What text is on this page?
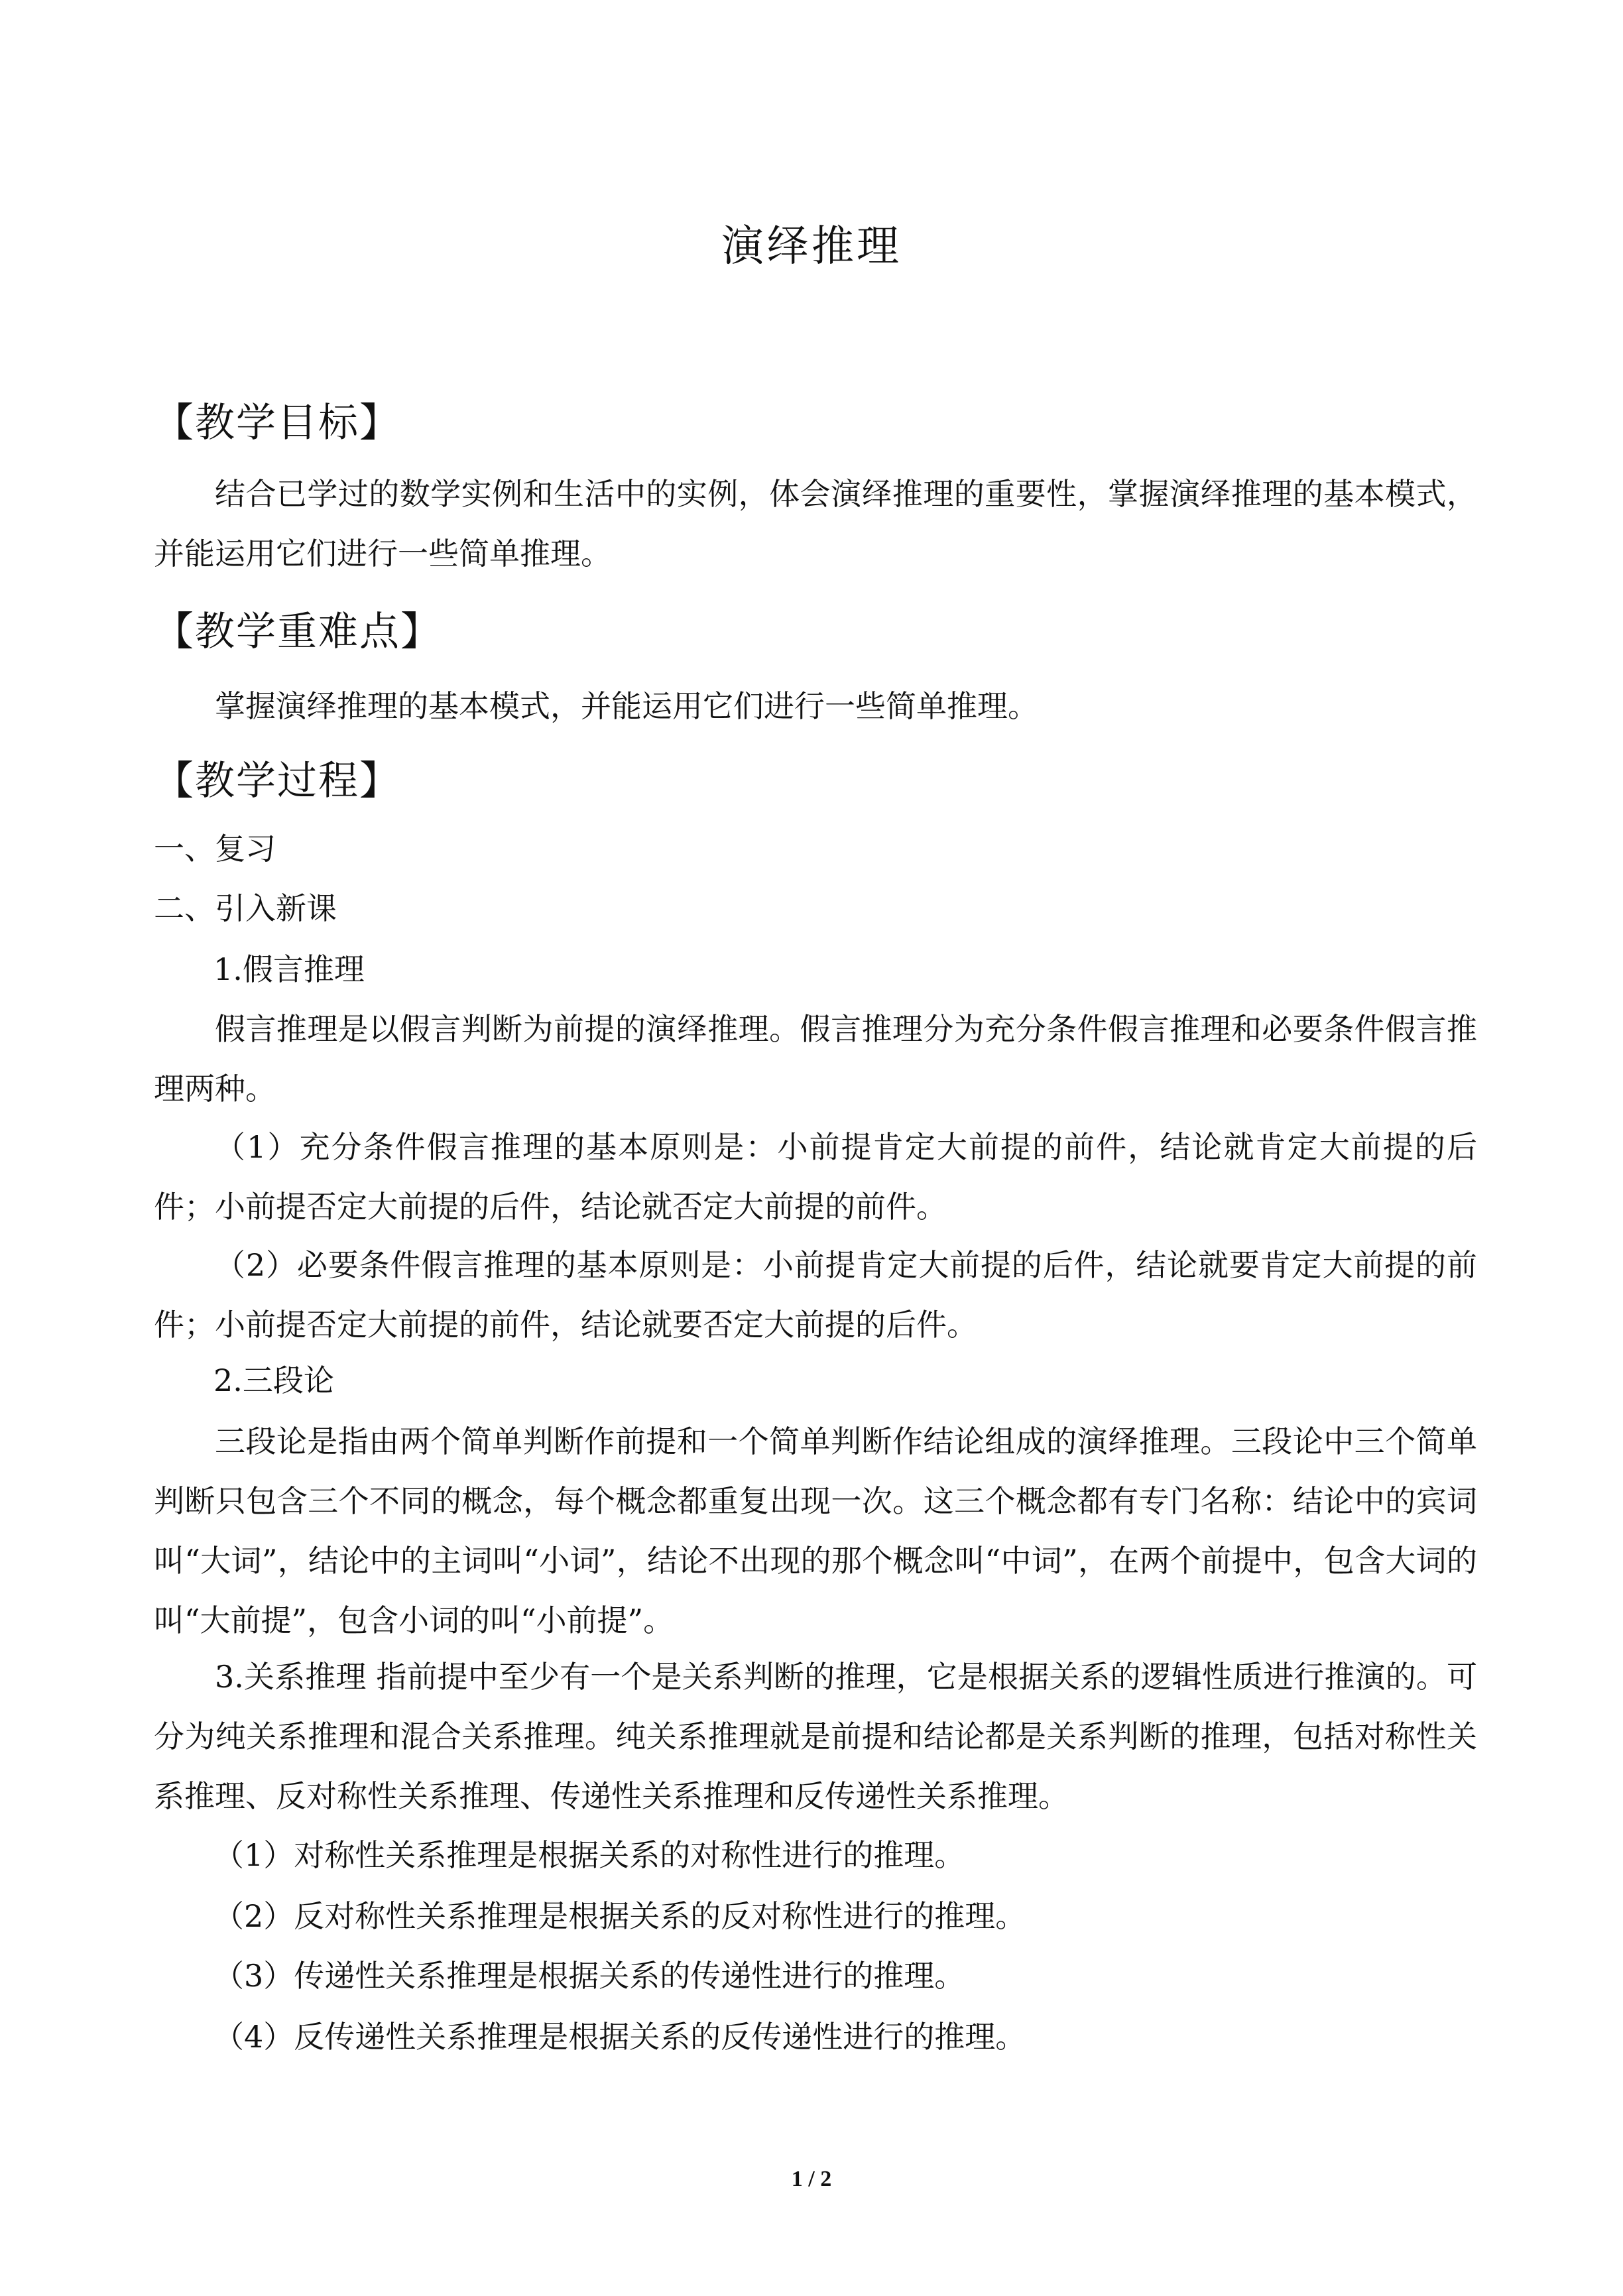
演绎推理
【教学目标】
结合已学过的数学实例和生活中的实例，体会演绎推理的重要性，掌握演绎推理的基本模式，并能运用它们进行一些简单推理。
【教学重难点】
掌握演绎推理的基本模式，并能运用它们进行一些简单推理。
【教学过程】
一、复习
二、引入新课
1.假言推理
假言推理是以假言判断为前提的演绎推理。假言推理分为充分条件假言推理和必要条件假言推理两种。
（1）充分条件假言推理的基本原则是：小前提肯定大前提的前件，结论就肯定大前提的后件；小前提否定大前提的后件，结论就否定大前提的前件。
（2）必要条件假言推理的基本原则是：小前提肯定大前提的后件，结论就要肯定大前提的前件；小前提否定大前提的前件，结论就要否定大前提的后件。
2.三段论
三段论是指由两个简单判断作前提和一个简单判断作结论组成的演绎推理。三段论中三个简单判断只包含三个不同的概念，每个概念都重复出现一次。这三个概念都有专门名称：结论中的宾词叫“大词”，结论中的主词叫“小词”，结论不出现的那个概念叫“中词”，在两个前提中，包含大词的叫“大前提”，包含小词的叫“小前提”。
3.关系推理 指前提中至少有一个是关系判断的推理，它是根据关系的逻辑性质进行推演的。可分为纯关系推理和混合关系推理。纯关系推理就是前提和结论都是关系判断的推理，包括对称性关系推理、反对称性关系推理、传递性关系推理和反传递性关系推理。
（1）对称性关系推理是根据关系的对称性进行的推理。
（2）反对称性关系推理是根据关系的反对称性进行的推理。
（3）传递性关系推理是根据关系的传递性进行的推理。
（4）反传递性关系推理是根据关系的反传递性进行的推理。
1 / 2
